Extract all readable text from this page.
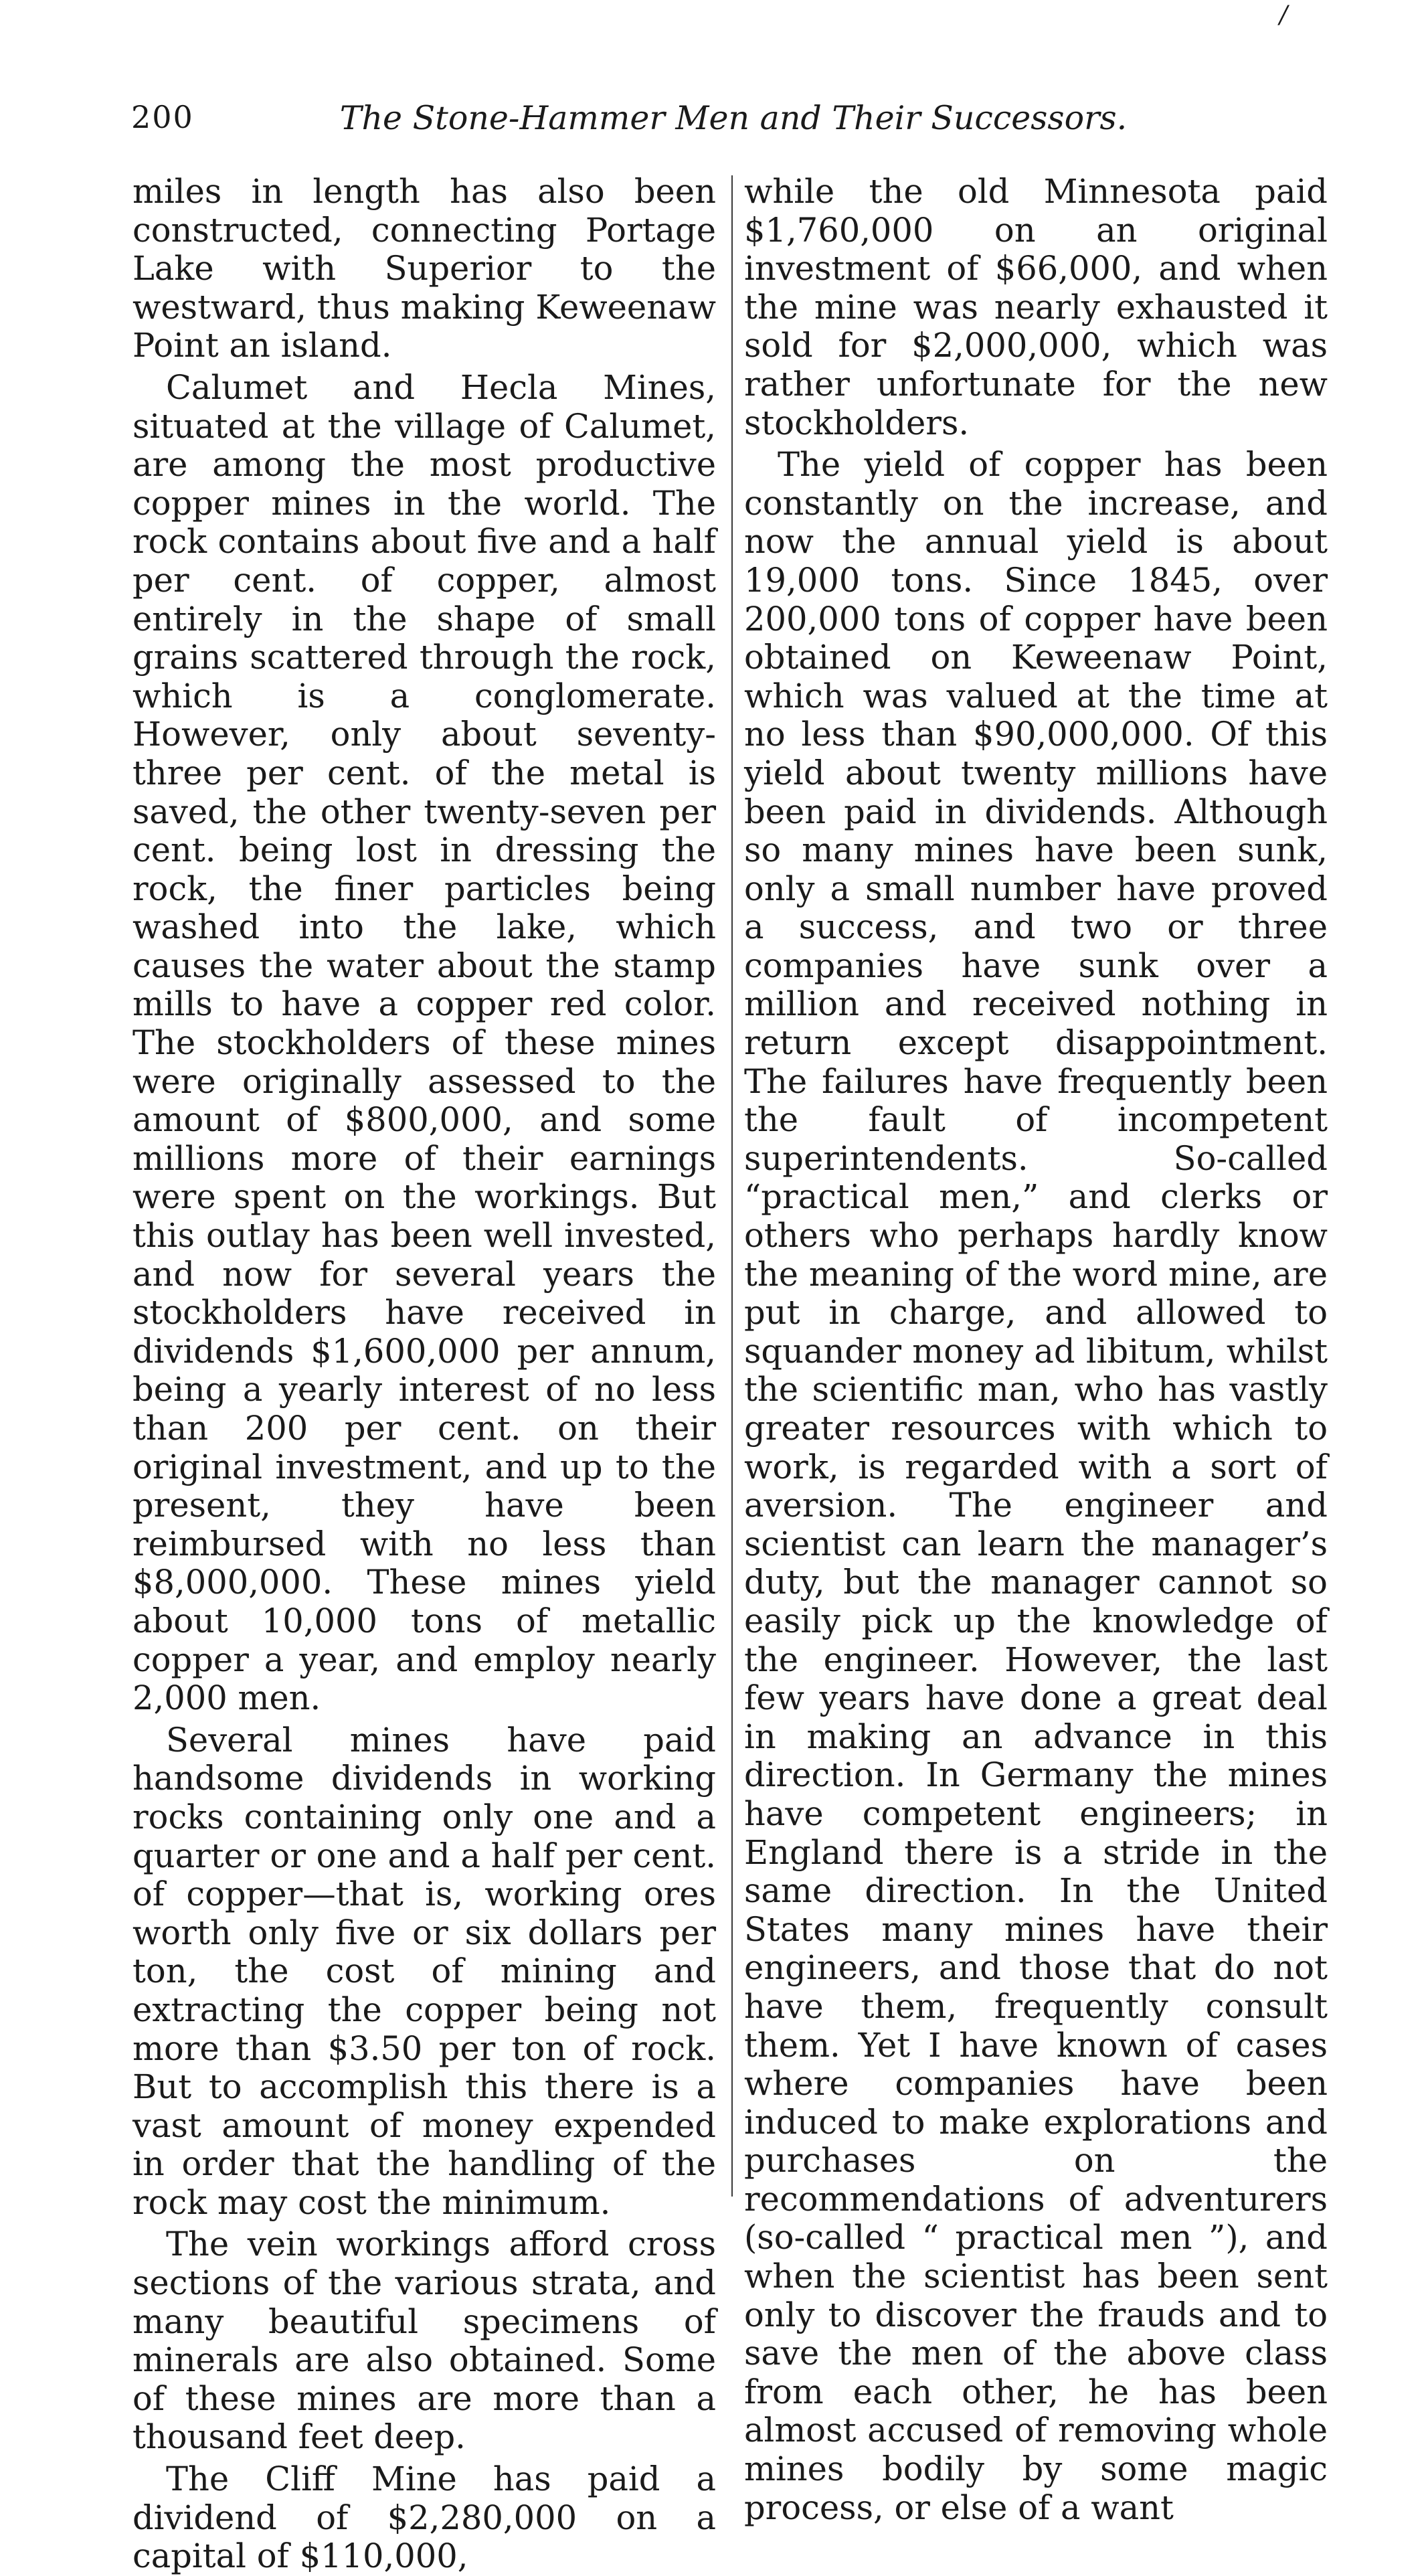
/
200	The Stone-Hammer Men and Their Successors.

miles in length has also been constructed, connecting Portage Lake with Superior to the westward, thus making Keweenaw Point an island.

Calumet and Hecla Mines, situated at the village of Calumet, are among the most productive copper mines in the world. The rock contains about five and a half per cent. of copper, almost entirely in the shape of small grains scattered through the rock, which is a conglomerate. However, only about seventy-three per cent. of the metal is saved, the other twenty-seven per cent. being lost in dressing the rock, the finer particles being washed into the lake, which causes the water about the stamp mills to have a copper red color. The stockholders of these mines were originally assessed to the amount of $800,000, and some millions more of their earnings were spent on the workings. But this outlay has been well invested, and now for several years the stockholders have received in dividends $1,600,000 per annum, being a yearly interest of no less than 200 per cent. on their original investment, and up to the present, they have been reimbursed with no less than $8,000,000. These mines yield about 10,000 tons of metallic copper a year, and employ nearly 2,000 men.

Several mines have paid handsome dividends in working rocks containing only one and a quarter or one and a half per cent. of copper—that is, working ores worth only five or six dollars per ton, the cost of mining and extracting the copper being not more than $3.50 per ton of rock. But to accomplish this there is a vast amount of money expended in order that the handling of the rock may cost the minimum.

The vein workings afford cross sections of the various strata, and many beautiful specimens of minerals are also obtained. Some of these mines are more than a thousand feet deep.

The Cliff Mine has paid a dividend of $2,280,000 on a capital of $110,000,

while the old Minnesota paid $1,760,000 on an original investment of $66,000, and when the mine was nearly exhausted it sold for $2,000,000, which was rather unfortunate for the new stockholders.

The yield of copper has been constantly on the increase, and now the annual yield is about 19,000 tons. Since 1845, over 200,000 tons of copper have been obtained on Keweenaw Point, which was valued at the time at no less than $90,000,000. Of this yield about twenty millions have been paid in dividends. Although so many mines have been sunk, only a small number have proved a success, and two or three companies have sunk over a million and received nothing in return except disappointment. The failures have frequently been the fault of incompetent superintendents. So-called “practical men,” and clerks or others who perhaps hardly know the meaning of the word mine, are put in charge, and allowed to squander money ad libitum, whilst the scientific man, who has vastly greater resources with which to work, is regarded with a sort of aversion. The engineer and scientist can learn the manager’s duty, but the manager cannot so easily pick up the knowledge of the engineer. However, the last few years have done a great deal in making an advance in this direction. In Germany the mines have competent engineers; in England there is a stride in the same direction. In the United States many mines have their engineers, and those that do not have them, frequently consult them. Yet I have known of cases where companies have been induced to make explorations and purchases on the recommendations of adventurers (so-called “ practical men ”), and when the scientist has been sent only to discover the frauds and to save the men of the above class from each other, he has been almost accused of removing whole mines bodily by some magic process, or else of a want
